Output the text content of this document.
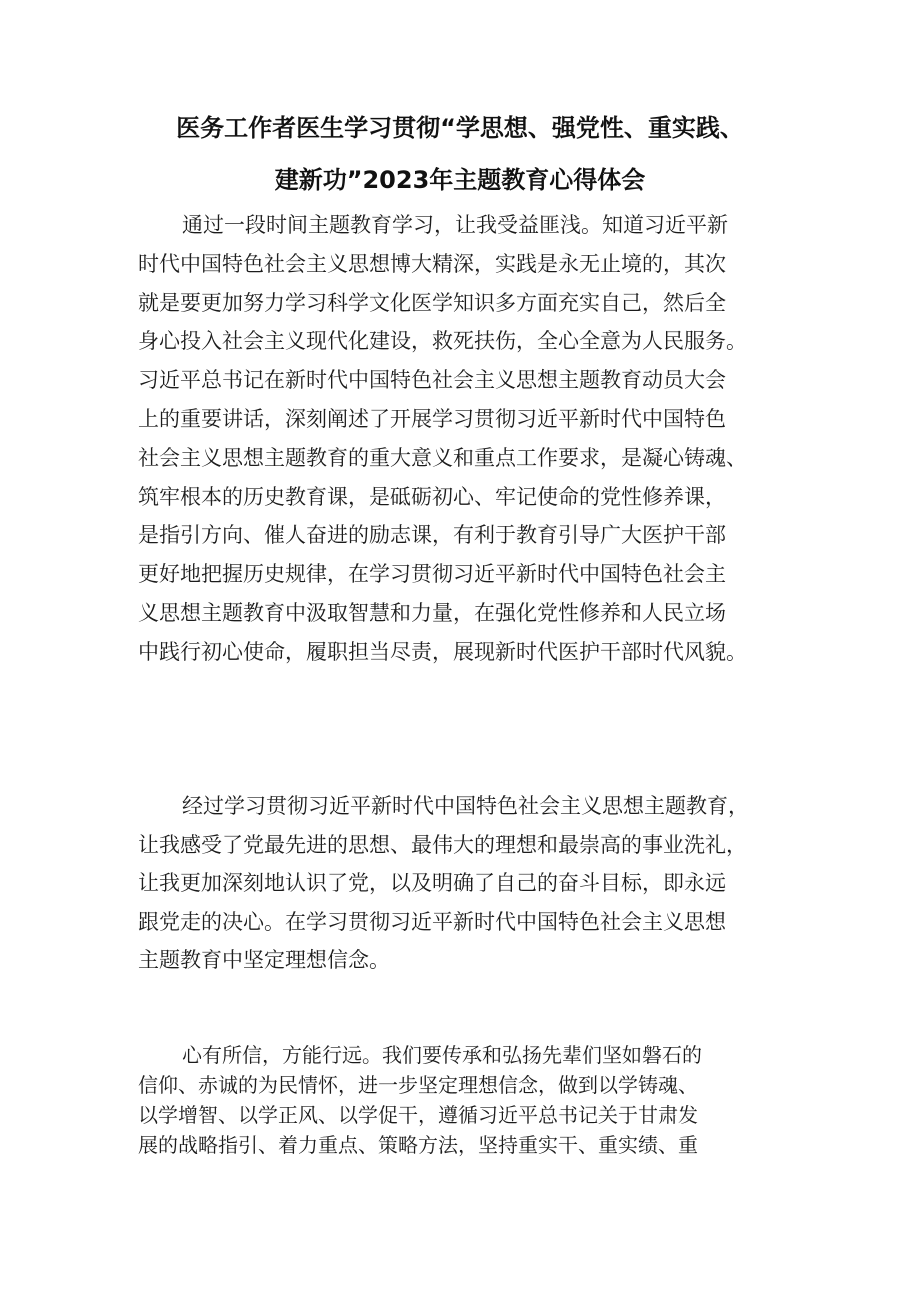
医务工作者医生学习贯彻“学思想、强党性、重实践、
建新功”2023年主题教育心得体会
通过一段时间主题教育学习，让我受益匪浅。知道习近平新
时代中国特色社会主义思想博大精深，实践是永无止境的，其次
就是要更加努力学习科学文化医学知识多方面充实自己，然后全
身心投入社会主义现代化建设，救死扶伤，全心全意为人民服务。
习近平总书记在新时代中国特色社会主义思想主题教育动员大会
上的重要讲话，深刻阐述了开展学习贯彻习近平新时代中国特色
社会主义思想主题教育的重大意义和重点工作要求，是凝心铸魂、
筑牢根本的历史教育课，是砥砺初心、牢记使命的党性修养课，
是指引方向、催人奋进的励志课，有利于教育引导广大医护干部
更好地把握历史规律，在学习贯彻习近平新时代中国特色社会主
义思想主题教育中汲取智慧和力量，在强化党性修养和人民立场
中践行初心使命，履职担当尽责，展现新时代医护干部时代风貌。
经过学习贯彻习近平新时代中国特色社会主义思想主题教育，
让我感受了党最先进的思想、最伟大的理想和最崇高的事业洗礼，
让我更加深刻地认识了党，以及明确了自己的奋斗目标，即永远
跟党走的决心。在学习贯彻习近平新时代中国特色社会主义思想
主题教育中坚定理想信念。
心有所信，方能行远。我们要传承和弘扬先辈们坚如磐石的
信仰、赤诚的为民情怀，进一步坚定理想信念，做到以学铸魂、
以学增智、以学正风、以学促干，遵循习近平总书记关于甘肃发
展的战略指引、着力重点、策略方法，坚持重实干、重实绩、重
